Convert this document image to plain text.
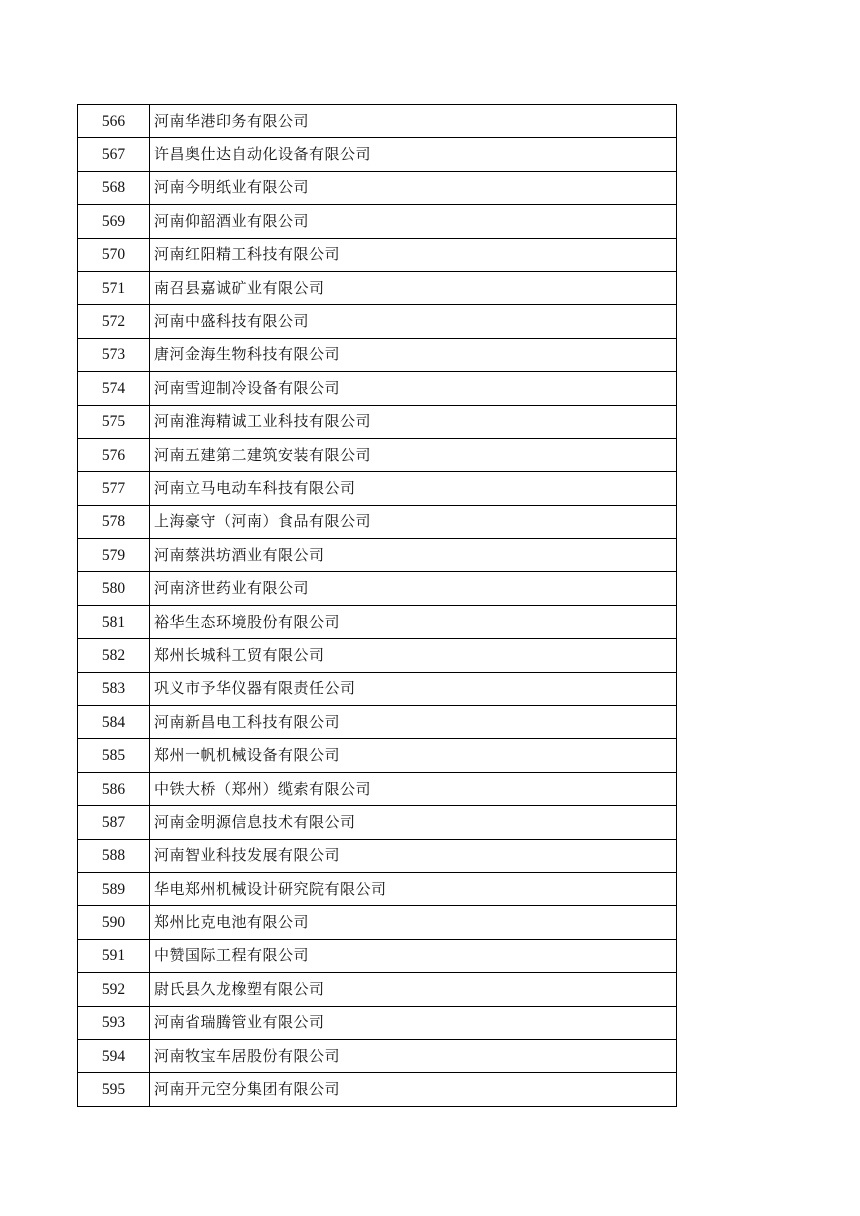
566	河南华港印务有限公司
567	许昌奥仕达自动化设备有限公司
568	河南今明纸业有限公司
569	河南仰韶酒业有限公司
570	河南红阳精工科技有限公司
571	南召县嘉诚矿业有限公司
572	河南中盛科技有限公司
573	唐河金海生物科技有限公司
574	河南雪迎制冷设备有限公司
575	河南淮海精诚工业科技有限公司
576	河南五建第二建筑安装有限公司
577	河南立马电动车科技有限公司
578	上海豪守（河南）食品有限公司
579	河南蔡洪坊酒业有限公司
580	河南济世药业有限公司
581	裕华生态环境股份有限公司
582	郑州长城科工贸有限公司
583	巩义市予华仪器有限责任公司
584	河南新昌电工科技有限公司
585	郑州一帆机械设备有限公司
586	中铁大桥（郑州）缆索有限公司
587	河南金明源信息技术有限公司
588	河南智业科技发展有限公司
589	华电郑州机械设计研究院有限公司
590	郑州比克电池有限公司
591	中赞国际工程有限公司
592	尉氏县久龙橡塑有限公司
593	河南省瑞腾管业有限公司
594	河南牧宝车居股份有限公司
595	河南开元空分集团有限公司
